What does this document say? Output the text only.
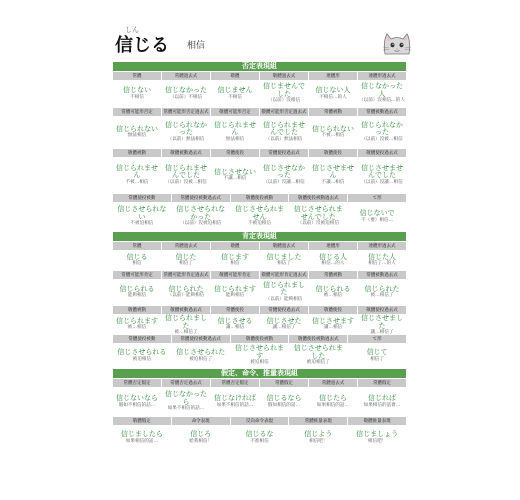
しん
信じる 相信
否定表現組
常體
信じない
不相信
常體過去式
信じなかった
（以前）不相信
敬體
信じません
不相信
敬體過去式
信じませんでした
（以前）沒相信
連體形
信じない人
不相信…的人
連體形過去式
信じなかった人
（以前）沒相信…的人
常體可能形否定
信じられない
無法相信
常體可能形否定過去式
信じられなかった
（以前）無法相信
敬體可能形否定
信じられません
無法相信
敬體可能形否定過去式
信じられませんでした
（以前）無法相信
常體被動
信じられない
不被…相信
常體被動過去式
信じられなかった
（以前）沒被…相信
敬體被動
信じられません
不被…相信
敬體被動過去式
信じられませんでした
（以前）沒被…相信
常體使役
信じさせない
不讓…相信
常體使役過去式
信じさせなかった
（以前）沒讓…相信
敬體使役
信じさせません
不讓…相信
敬體使役過去式
信じさせませんでした
（以前）沒讓…相信
常體使役被動
信じさせられない
不被迫相信
常體使役被動過去式
信じさせられなかった
（以前）沒被迫相信
敬體使役被動
信じさせられません
不被迫相信
敬體使役被動過去式
信じさせられませんでした
（以前）沒被迫相信
て形
信じないで
不（要）相信…
肯定表現組
常體
信じる
相信
常體過去式
信じた
相信了
敬體
信じます
相信
敬體過去式
信じました
相信了
連體形
信じる人
相信…的人
連體形過去式
信じた人
相信了…的人
常體可能形肯定
信じられる
能夠相信
常體可能形肯定過去式
信じられた
（以前）能夠相信
敬體可能形肯定
信じられます
能夠相信
敬體可能形肯定過去式
信じられました
（以前）能夠相信
常體被動
信じられる
被…相信
常體被動過去式
信じられた
被…相信了
敬體被動
信じられます
被…相信
敬體被動過去式
信じられました
被…相信了
常體使役
信じさせる
讓…相信
常體使役過去式
信じさせた
讓…相信了
敬體使役
信じさせます
讓…相信
敬體使役過去式
信じさせました
讓…相信了
常體使役被動
信じさせられる
被迫相信
常體使役被動過去式
信じさせられた
被迫相信了
敬體使役被動
信じさせられます
被迫相信
敬體使役被動過去式
信じさせられました
被迫相信了
て形
信じて
相信了
假定、命令、推量表現組
常體否定假定
信じないなら
假如不相信的話…
常體否定過去式
信じなかったら
如果不相信的話…
常體否定假定
信じなければ
如果不相信的話…
常體假定
信じるなら
假如相信的話…
常體過去式
信じたら
如果相信的話…
常體假定
信じれば
如果相信的話會…
敬體假定
信じましたら
如果相信的話…
命令表現
信じろ
給我相信！
反向命令表現
信じるな
不准相信
常體推量表現
信じよう
相信吧！
敬體推量表現
信じましょう
相信吧！
